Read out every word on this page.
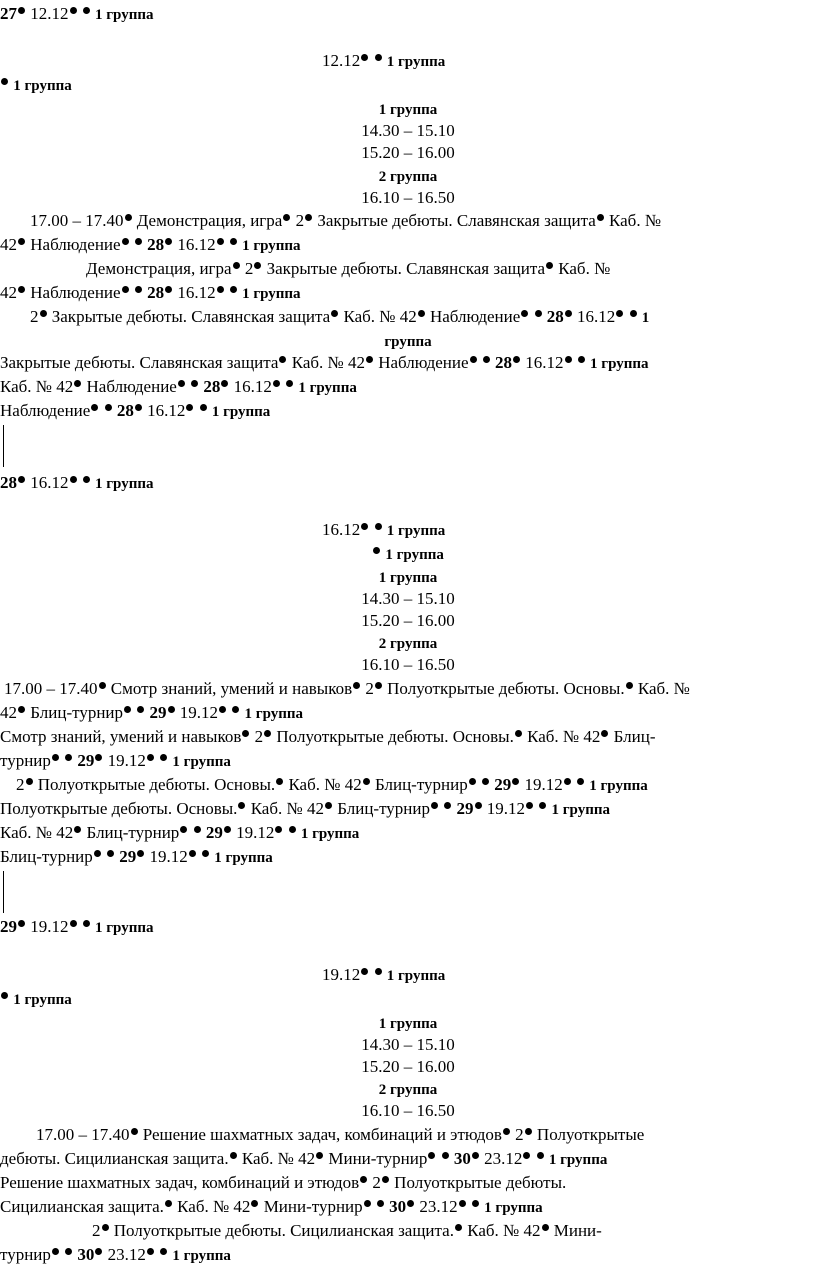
27 12.12 1 группа
12.12 1 группа
1 группа
1 группа
14.30 – 15.10
15.20 – 16.00
2 группа
16.10 – 16.50
17.00 – 17.40 Демонстрация, игра 2 Закрытые дебюты. Славянская защита Каб. №
42 Наблюдение 28 16.12 1 группа
Демонстрация, игра 2 Закрытые дебюты. Славянская защита Каб. №
42 Наблюдение 28 16.12 1 группа
2 Закрытые дебюты. Славянская защита Каб. № 42 Наблюдение 28 16.12 1
группа
Закрытые дебюты. Славянская защита Каб. № 42 Наблюдение 28 16.12 1 группа
Каб. № 42 Наблюдение 28 16.12 1 группа
Наблюдение 28 16.12 1 группа
28 16.12 1 группа
16.12 1 группа
1 группа
1 группа
14.30 – 15.10
15.20 – 16.00
2 группа
16.10 – 16.50
17.00 – 17.40 Смотр знаний, умений и навыков 2 Полуоткрытые дебюты. Основы. Каб. №
42 Блиц-турнир 29 19.12 1 группа
Смотр знаний, умений и навыков 2 Полуоткрытые дебюты. Основы. Каб. № 42 Блиц-
турнир 29 19.12 1 группа
2 Полуоткрытые дебюты. Основы. Каб. № 42 Блиц-турнир 29 19.12 1 группа
Полуоткрытые дебюты. Основы. Каб. № 42 Блиц-турнир 29 19.12 1 группа
Каб. № 42 Блиц-турнир 29 19.12 1 группа
Блиц-турнир 29 19.12 1 группа
29 19.12 1 группа
19.12 1 группа
1 группа
1 группа
14.30 – 15.10
15.20 – 16.00
2 группа
16.10 – 16.50
17.00 – 17.40 Решение шахматных задач, комбинаций и этюдов 2 Полуоткрытые
дебюты. Сицилианская защита. Каб. № 42 Мини-турнир 30 23.12 1 группа
Решение шахматных задач, комбинаций и этюдов 2 Полуоткрытые дебюты.
Сицилианская защита. Каб. № 42 Мини-турнир 30 23.12 1 группа
2 Полуоткрытые дебюты. Сицилианская защита. Каб. № 42 Мини-
турнир 30 23.12 1 группа
